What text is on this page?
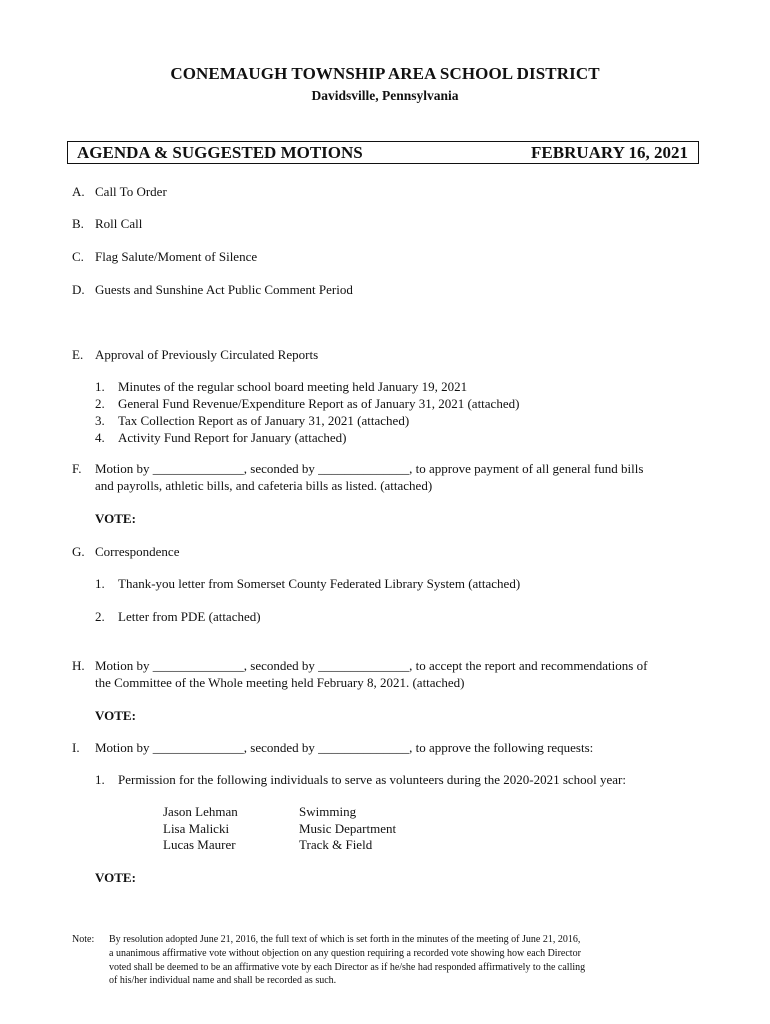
CONEMAUGH TOWNSHIP AREA SCHOOL DISTRICT
Davidsville, Pennsylvania
AGENDA & SUGGESTED MOTIONS	FEBRUARY 16, 2021
A. Call To Order
B. Roll Call
C. Flag Salute/Moment of Silence
D. Guests and Sunshine Act Public Comment Period
E. Approval of Previously Circulated Reports
1. Minutes of the regular school board meeting held January 19, 2021
2. General Fund Revenue/Expenditure Report as of January 31, 2021 (attached)
3. Tax Collection Report as of January 31, 2021 (attached)
4. Activity Fund Report for January (attached)
F. Motion by ______________, seconded by ______________, to approve payment of all general fund bills
and payrolls, athletic bills, and cafeteria bills as listed. (attached)
VOTE:
G. Correspondence
1. Thank-you letter from Somerset County Federated Library System (attached)
2. Letter from PDE (attached)
H. Motion by ______________, seconded by ______________, to accept the report and recommendations of
the Committee of the Whole meeting held February 8, 2021. (attached)
VOTE:
I. Motion by ______________, seconded by ______________, to approve the following requests:
1. Permission for the following individuals to serve as volunteers during the 2020-2021 school year:
Jason Lehman	Swimming
Lisa Malicki	Music Department
Lucas Maurer	Track & Field
VOTE:
Note: By resolution adopted June 21, 2016, the full text of which is set forth in the minutes of the meeting of June 21, 2016,
a unanimous affirmative vote without objection on any question requiring a recorded vote showing how each Director
voted shall be deemed to be an affirmative vote by each Director as if he/she had responded affirmatively to the calling
of his/her individual name and shall be recorded as such.
